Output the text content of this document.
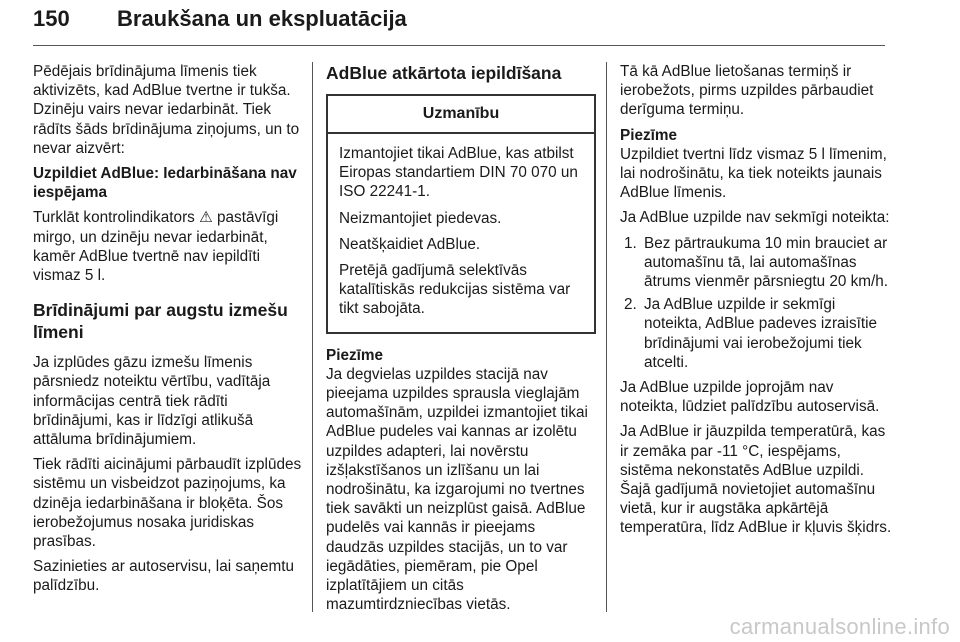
150 Braukšana un ekspluatācija

Pēdējais brīdinājuma līmenis tiek aktivizēts, kad AdBlue tvertne ir tukša. Dzinēju vairs nevar iedarbināt. Tiek rādīts šāds brīdinājuma ziņojums, un to nevar aizvērt:

Uzpildiet AdBlue: Iedarbināšana nav iespējama

Turklāt kontrolindikators ⚠ pastāvīgi mirgo, un dzinēju nevar iedarbināt, kamēr AdBlue tvertnē nav iepildīti vismaz 5 l.

Brīdinājumi par augstu izmešu līmeni

Ja izplūdes gāzu izmešu līmenis pārsniedz noteiktu vērtību, vadītāja informācijas centrā tiek rādīti brīdinājumi, kas ir līdzīgi atlikušā attāluma brīdinājumiem.

Tiek rādīti aicinājumi pārbaudīt izplūdes sistēmu un visbeidzot paziņojums, ka dzinēja iedarbināšana ir bloķēta. Šos ierobežojumus nosaka juridiskas prasības.

Sazinieties ar autoservisu, lai saņemtu palīdzību.

AdBlue atkārtota iepildīšana
Uzmanību

Izmantojiet tikai AdBlue, kas atbilst Eiropas standartiem DIN 70 070 un ISO 22241-1.

Neizmantojiet piedevas.

Neatšķaidiet AdBlue.

Pretējā gadījumā selektīvās katalītiskās redukcijas sistēma var tikt sabojāta.

Piezīme

Ja degvielas uzpildes stacijā nav pieejama uzpildes sprausla vieglajām automašīnām, uzpildei izmantojiet tikai AdBlue pudeles vai kannas ar izolētu uzpildes adapteri, lai novērstu izšļakstīšanos un izlīšanu un lai nodrošinātu, ka izgarojumi no tvertnes tiek savākti un neizplūst gaisā. AdBlue pudelēs vai kannās ir pieejams daudzās uzpildes stacijās, un to var iegādāties, piemēram, pie Opel izplatītājiem un citās mazumtirdzniecības vietās.

Tā kā AdBlue lietošanas termiņš ir ierobežots, pirms uzpildes pārbaudiet derīguma termiņu.

Piezīme

Uzpildiet tvertni līdz vismaz 5 l līmenim, lai nodrošinātu, ka tiek noteikts jaunais AdBlue līmenis.

Ja AdBlue uzpilde nav sekmīgi noteikta:

1. Bez pārtraukuma 10 min brauciet ar automašīnu tā, lai automašīnas ātrums vienmēr pārsniegtu 20 km/h.
2. Ja AdBlue uzpilde ir sekmīgi noteikta, AdBlue padeves izraisītie brīdinājumi vai ierobežojumi tiek atcelti.

Ja AdBlue uzpilde joprojām nav noteikta, lūdziet palīdzību autoservisā.

Ja AdBlue ir jāuzpilda temperatūrā, kas ir zemāka par -11 °C, iespējams, sistēma nekonstatēs AdBlue uzpildi. Šajā gadījumā novietojiet automašīnu vietā, kur ir augstāka apkārtējā temperatūra, līdz AdBlue ir kļuvis šķidrs.

carmanualsonline.info
